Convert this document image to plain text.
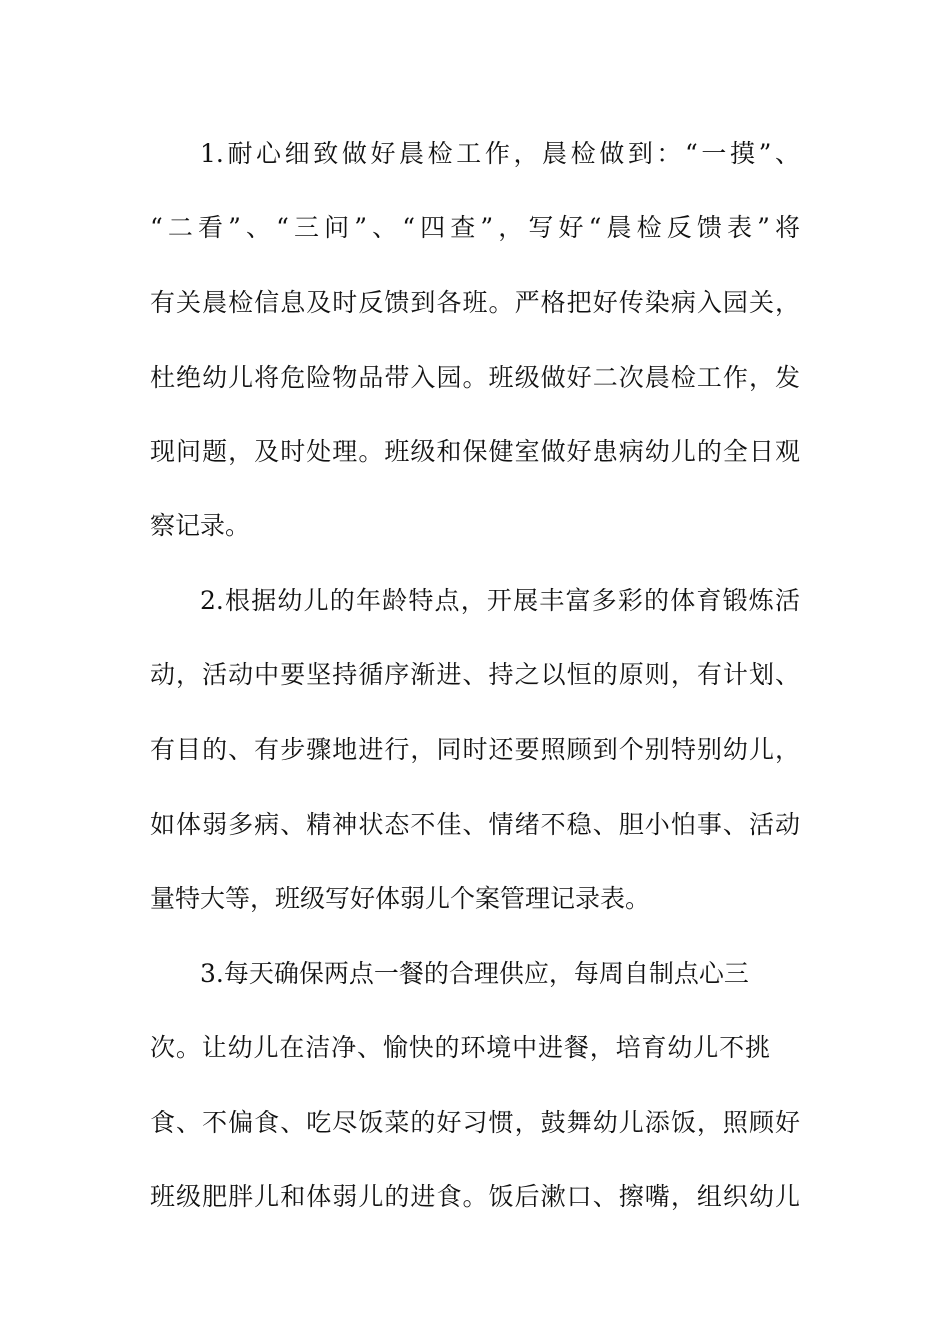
1.耐心细致做好晨检工作，晨检做到：“一摸”、
“二看”、“三问”、“四查”，写好“晨检反馈表”将
有关晨检信息及时反馈到各班。严格把好传染病入园关，
杜绝幼儿将危险物品带入园。班级做好二次晨检工作，发
现问题，及时处理。班级和保健室做好患病幼儿的全日观
察记录。
2.根据幼儿的年龄特点，开展丰富多彩的体育锻炼活
动，活动中要坚持循序渐进、持之以恒的原则，有计划、
有目的、有步骤地进行，同时还要照顾到个别特别幼儿，
如体弱多病、精神状态不佳、情绪不稳、胆小怕事、活动
量特大等，班级写好体弱儿个案管理记录表。
3.每天确保两点一餐的合理供应，每周自制点心三
次。让幼儿在洁净、愉快的环境中进餐，培育幼儿不挑
食、不偏食、吃尽饭菜的好习惯，鼓舞幼儿添饭，照顾好
班级肥胖儿和体弱儿的进食。饭后漱口、擦嘴，组织幼儿
